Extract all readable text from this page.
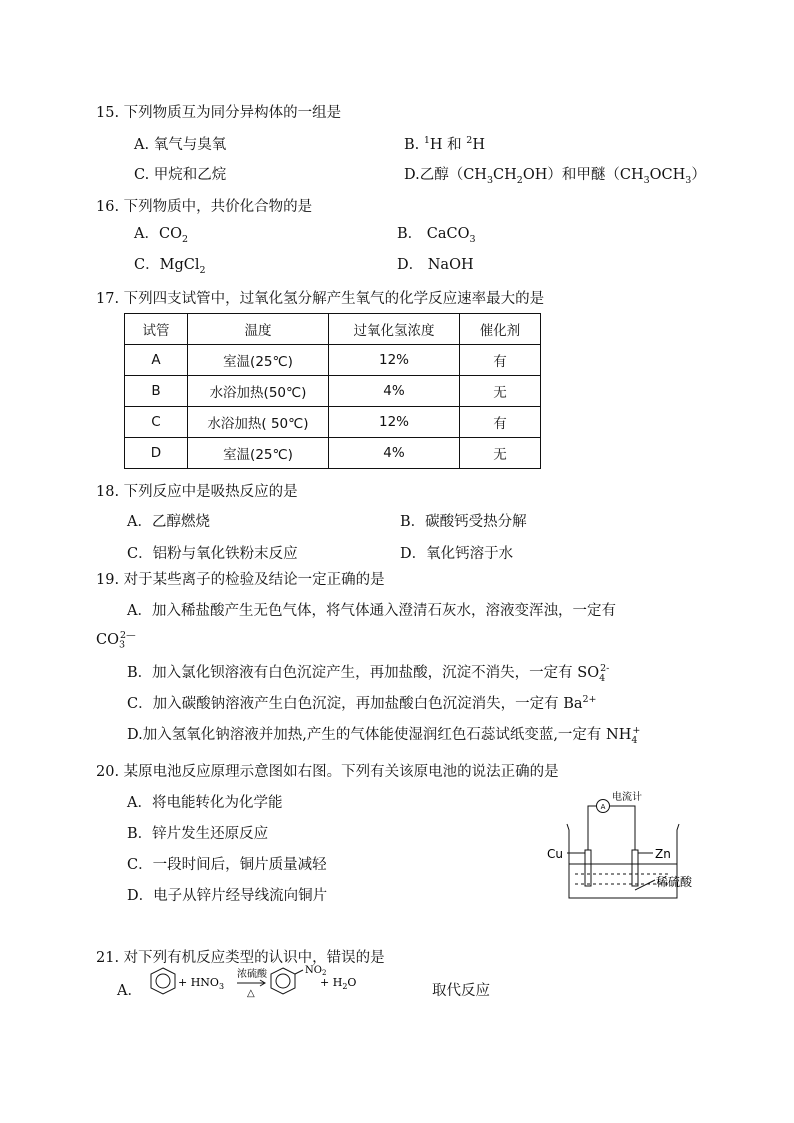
15. 下列物质互为同分异构体的一组是
A. 氧气与臭氧	B. $^1$H 和 $^2$H
C. 甲烷和乙烷	D.乙醇$(CH_3CH_2OH)$和甲醚$(CH_3OCH_3)$
16. 下列物质中，共价化合物的是
A．$CO_2$	B． CaCO$_3$
C．MgCl$_2$	D． NaOH
17. 下列四支试管中，过氧化氢分解产生氧气的化学反应速率最大的是
试管	温度	过氧化氢浓度	催化剂
A	室温(25℃)	12%	有
B	水浴加热(50℃)	4%	无
C	水浴加热( 50℃)	12%	有
D	室温(25℃)	4%	无
18. 下列反应中是吸热反应的是
A．乙醇燃烧	B．碳酸钙受热分解
C．铝粉与氧化铁粉末反应	D．氧化钙溶于水
19. 对于某些离子的检验及结论一定正确的是
A．加入稀盐酸产生无色气体，将气体通入澄清石灰水，溶液变浑浊，一定有
$CO_3^{2—}$
B．加入氯化钡溶液有白色沉淀产生，再加盐酸，沉淀不消失，一定有 $SO_4^{2-}$
C．加入碳酸钠溶液产生白色沉淀，再加盐酸白色沉淀消失，一定有 $Ba^{2+}$
D.加入氢氧化钠溶液并加热,产生的气体能使湿润红色石蕊试纸变蓝,一定有 $NH_4^+$
20. 某原电池反应原理示意图如右图。下列有关该原电池的说法正确的是
A．将电能转化为化学能
B．锌片发生还原反应
C．一段时间后，铜片质量减轻
D．电子从锌片经导线流向铜片
A
电流计
Cu	Zn
稀硫酸
21. 对下列有机反应类型的认识中，错误的是
A．
+ $HNO_3$
浓硫酸
△
$NO_2$
+ $H_2O$
取代反应
